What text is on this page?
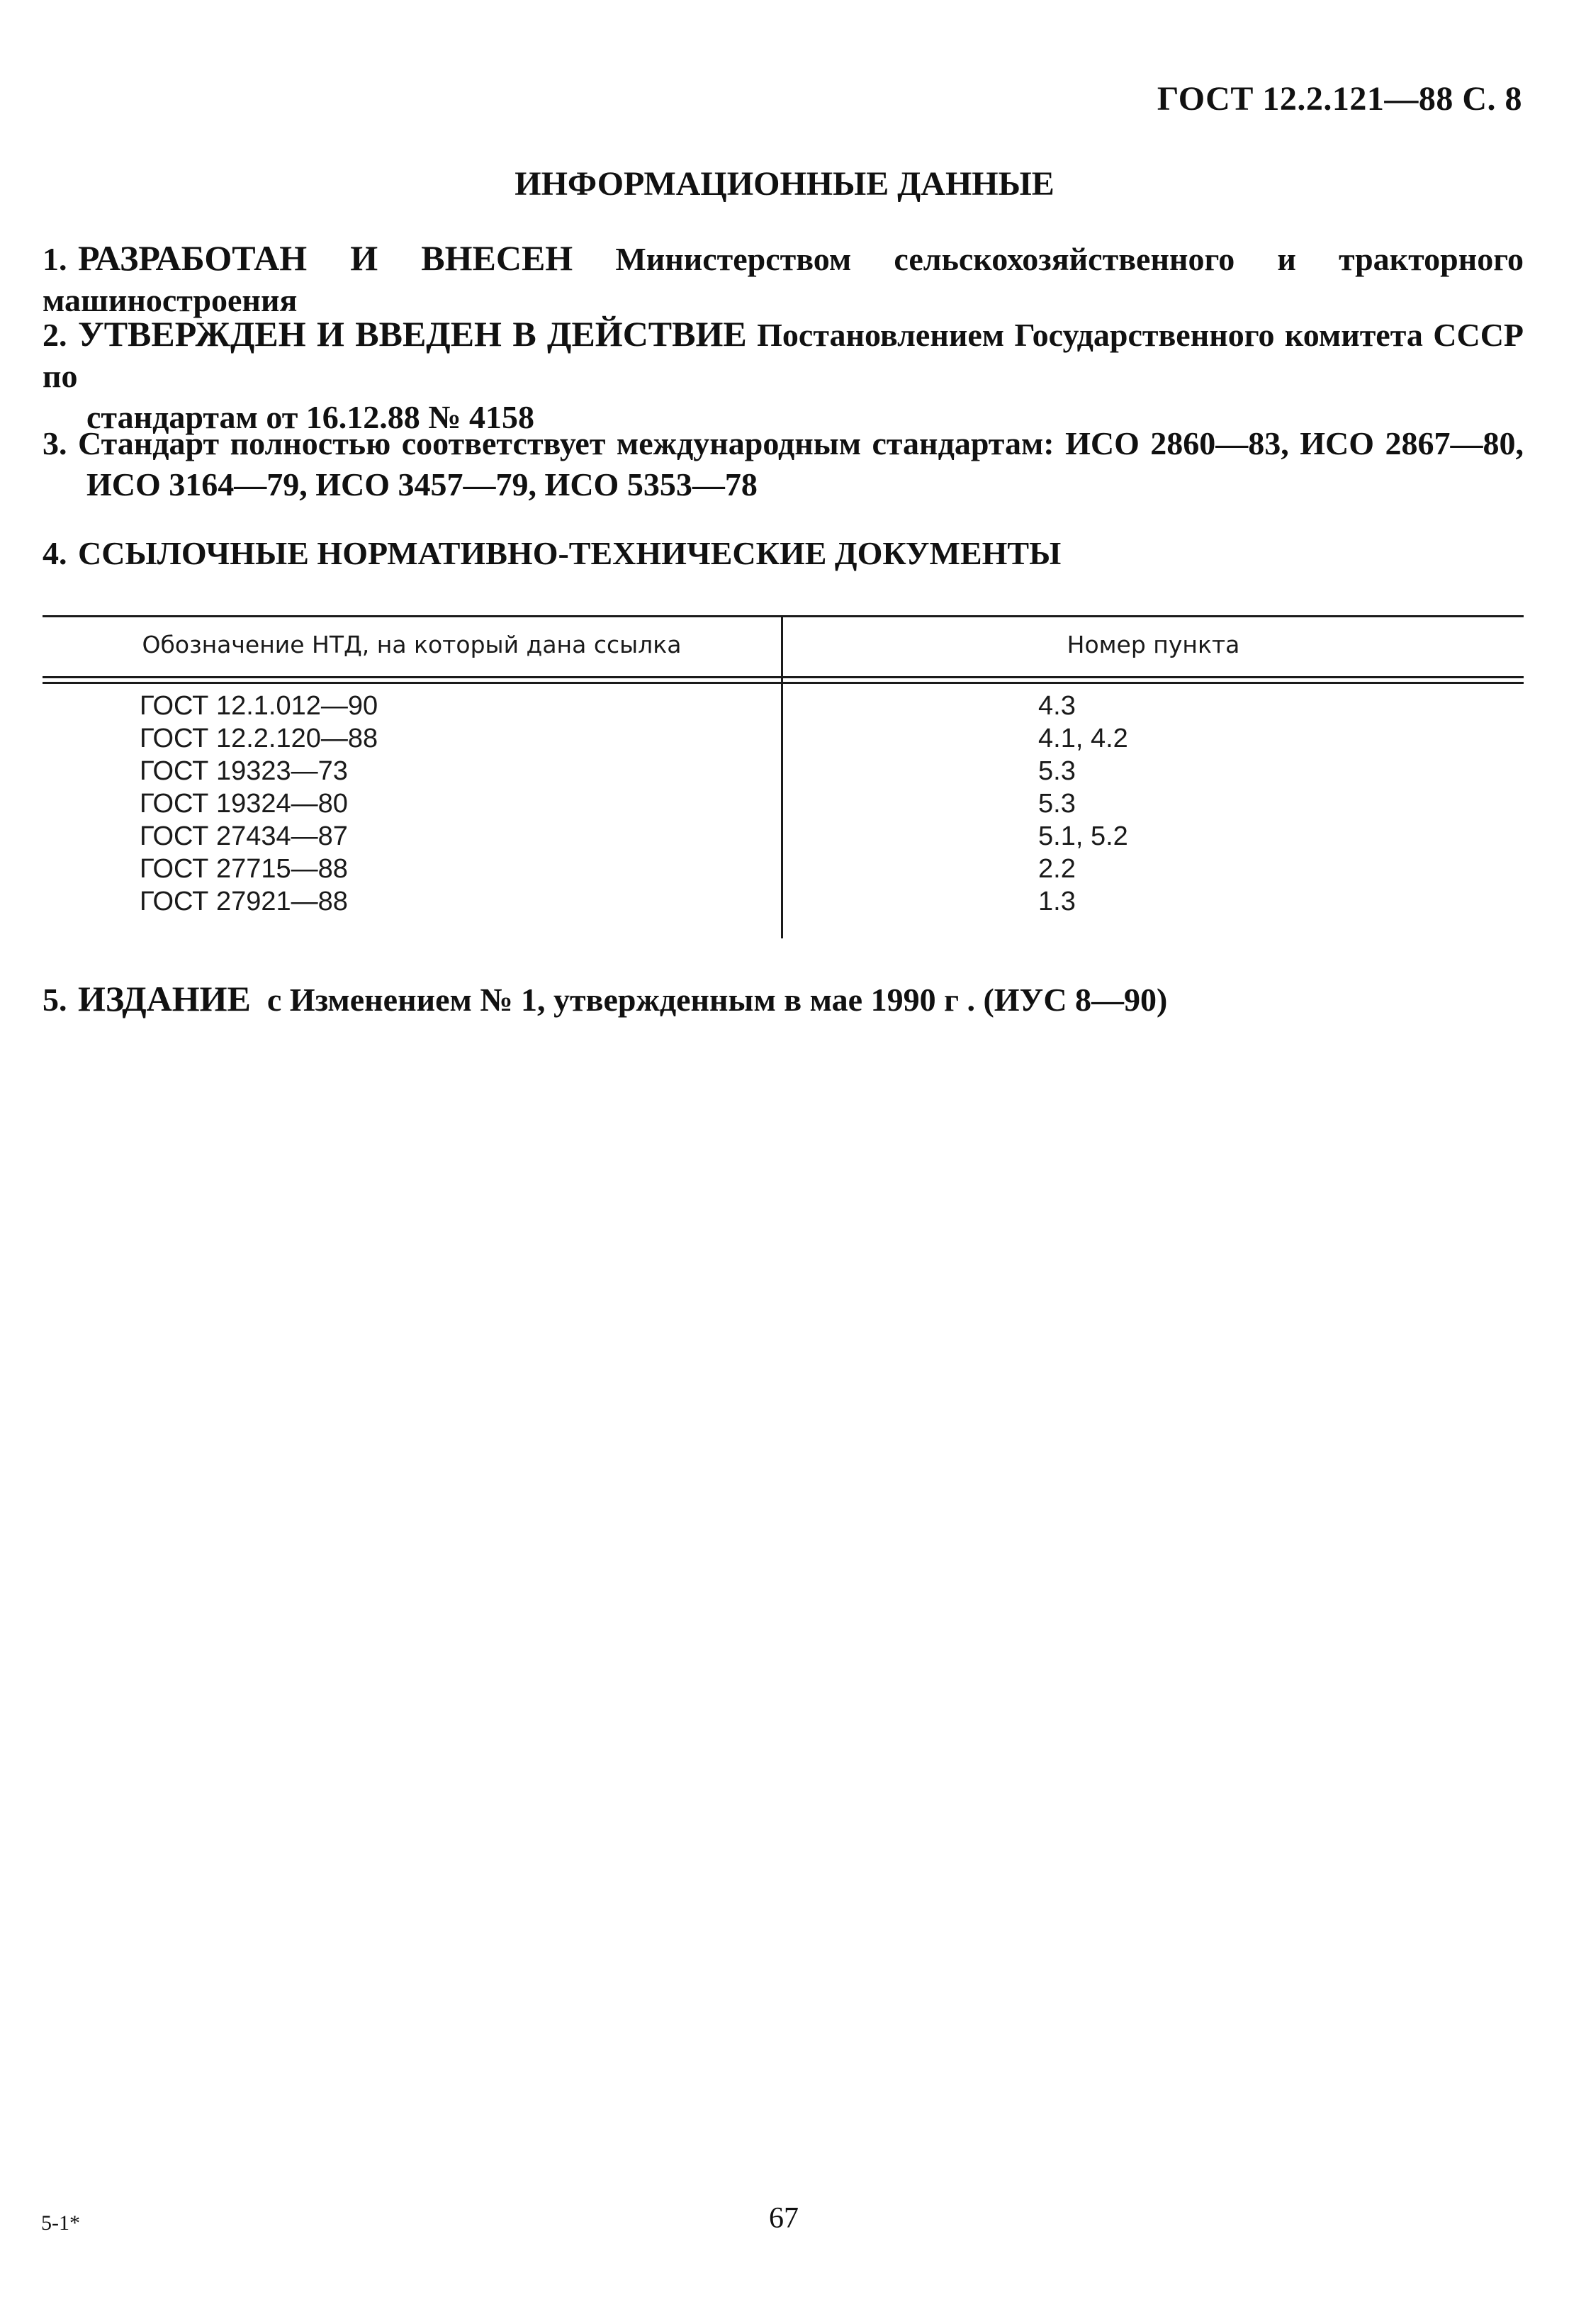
ГОСТ 12.2.121—88 С. 8
ИНФОРМАЦИОННЫЕ ДАННЫЕ
1. РАЗРАБОТАН И ВНЕСЕН Министерством сельскохозяйственного и тракторного машиностроения
2. УТВЕРЖДЕН И ВВЕДЕН В ДЕЙСТВИЕ Постановлением Государственного комитета СССР по
стандартам от 16.12.88 № 4158
3. Стандарт полностью соответствует международным стандартам: ИСО 2860—83, ИСО 2867—80,
ИСО 3164—79, ИСО 3457—79, ИСО 5353—78
4. ССЫЛОЧНЫЕ НОРМАТИВНО-ТЕХНИЧЕСКИЕ ДОКУМЕНТЫ
Обозначение НТД, на который дана ссылка	Номер пункта
ГОСТ 12.1.012—90	4.3
ГОСТ 12.2.120—88	4.1, 4.2
ГОСТ 19323—73	5.3
ГОСТ 19324—80	5.3
ГОСТ 27434—87	5.1, 5.2
ГОСТ 27715—88	2.2
ГОСТ 27921—88	1.3
5. ИЗДАНИЕ с Изменением № 1, утвержденным в мае 1990 г . (ИУС 8—90)
5-1*	67
